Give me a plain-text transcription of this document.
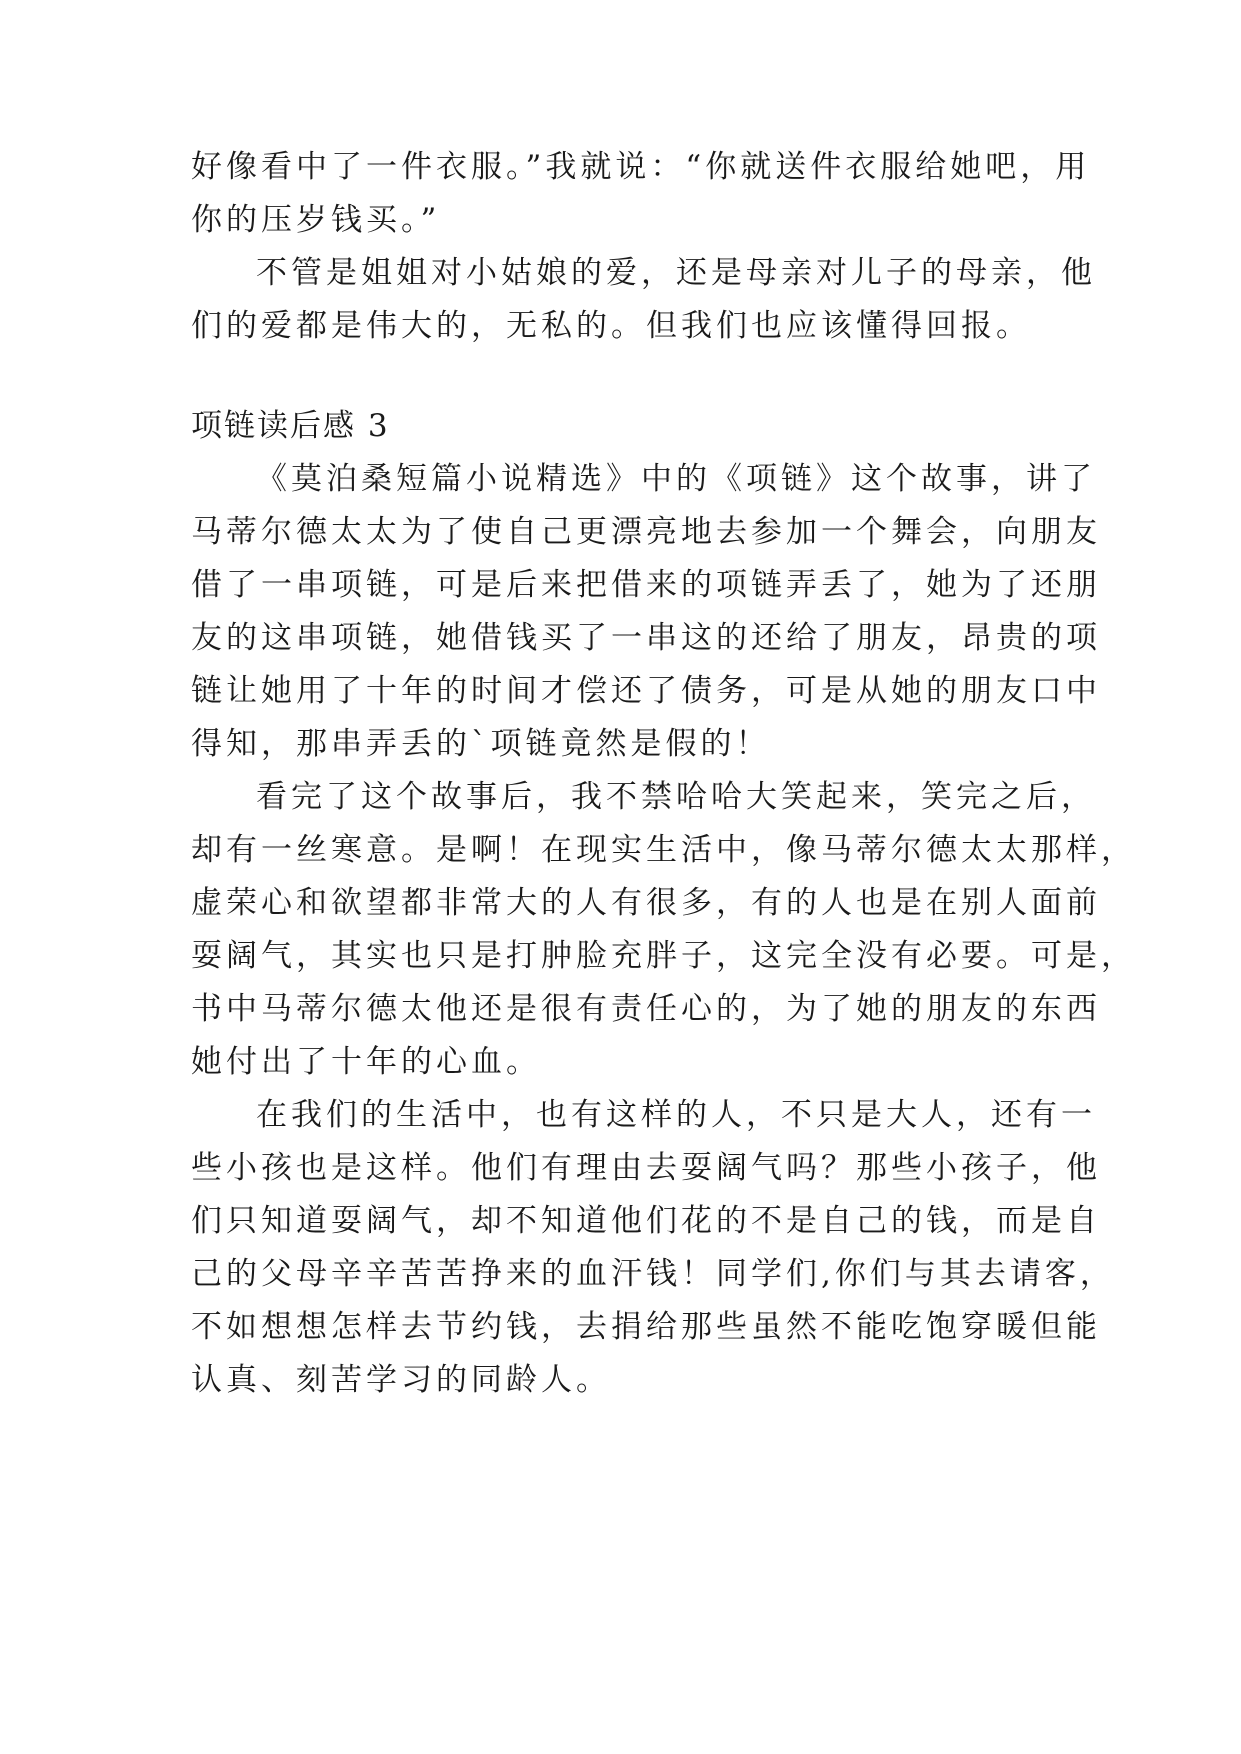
好像看中了一件衣服。”我就说：“你就送件衣服给她吧，用
你的压岁钱买。”
不管是姐姐对小姑娘的爱，还是母亲对儿子的母亲，他
们的爱都是伟大的，无私的。但我们也应该懂得回报。
项链读后感 3
《莫泊桑短篇小说精选》中的《项链》这个故事，讲了
马蒂尔德太太为了使自己更漂亮地去参加一个舞会，向朋友
借了一串项链，可是后来把借来的项链弄丢了，她为了还朋
友的这串项链，她借钱买了一串这的还给了朋友，昂贵的项
链让她用了十年的时间才偿还了债务，可是从她的朋友口中
得知，那串弄丢的`项链竟然是假的！
看完了这个故事后，我不禁哈哈大笑起来，笑完之后，
却有一丝寒意。是啊！在现实生活中，像马蒂尔德太太那样，
虚荣心和欲望都非常大的人有很多，有的人也是在别人面前
耍阔气，其实也只是打肿脸充胖子，这完全没有必要。可是，
书中马蒂尔德太他还是很有责任心的，为了她的朋友的东西
她付出了十年的心血。
在我们的生活中，也有这样的人，不只是大人，还有一
些小孩也是这样。他们有理由去耍阔气吗？那些小孩子，他
们只知道耍阔气，却不知道他们花的不是自己的钱，而是自
己的父母辛辛苦苦挣来的血汗钱！同学们,你们与其去请客，
不如想想怎样去节约钱，去捐给那些虽然不能吃饱穿暖但能
认真、刻苦学习的同龄人。
